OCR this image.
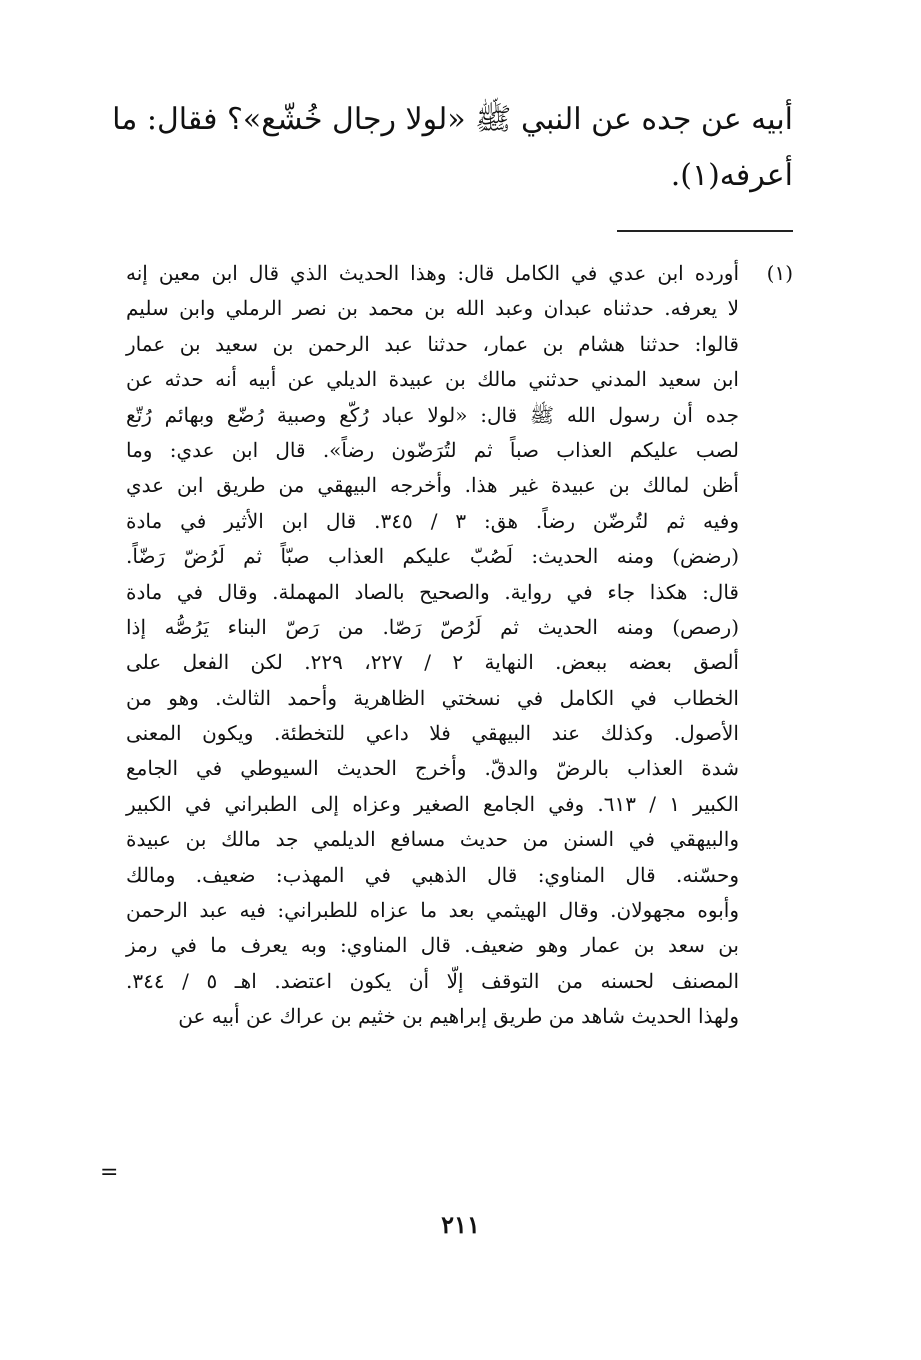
أبيه عن جده عن النبي ﷺ «لولا رجال خُشّع»؟ فقال: ما
أعرفه(١).
(١)
أورده ابن عدي في الكامل قال: وهذا الحديث الذي قال ابن معين إنه
لا يعرفه. حدثناه عبدان وعبد الله بن محمد بن نصر الرملي وابن سليم
قالوا: حدثنا هشام بن عمار، حدثنا عبد الرحمن بن سعيد بن عمار
ابن سعيد المدني حدثني مالك بن عبيدة الديلي عن أبيه أنه حدثه عن
جده أن رسول الله ﷺ قال: «لولا عباد رُكّع وصبية رُضّع وبهائم رُتّع
لصب عليكم العذاب صباً ثم لتُرَضّون رضاً». قال ابن عدي: وما
أظن لمالك بن عبيدة غير هذا. وأخرجه البيهقي من طريق ابن عدي
وفيه ثم لتُرضّن رضاً. هق: ٣ / ٣٤٥. قال ابن الأثير في مادة
(رضض) ومنه الحديث: لَصُبّ عليكم العذاب صبّاً ثم لَرُضّ رَضّاً.
قال: هكذا جاء في رواية. والصحيح بالصاد المهملة. وقال في مادة
(رصص) ومنه الحديث ثم لَرُصّ رَصّا. من رَصّ البناء يَرُصُّه إذا
ألصق بعضه ببعض. النهاية ٢ / ٢٢٧، ٢٢٩. لكن الفعل على
الخطاب في الكامل في نسختي الظاهرية وأحمد الثالث. وهو من
الأصول. وكذلك عند البيهقي فلا داعي للتخطئة. ويكون المعنى
شدة العذاب بالرضّ والدقّ. وأخرج الحديث السيوطي في الجامع
الكبير ١ / ٦١٣. وفي الجامع الصغير وعزاه إلى الطبراني في الكبير
والبيهقي في السنن من حديث مسافع الديلمي جد مالك بن عبيدة
وحسّنه. قال المناوي: قال الذهبي في المهذب: ضعيف. ومالك
وأبوه مجهولان. وقال الهيثمي بعد ما عزاه للطبراني: فيه عبد الرحمن
بن سعد بن عمار وهو ضعيف. قال المناوي: وبه يعرف ما في رمز
المصنف لحسنه من التوقف إلّا أن يكون اعتضد. اهـ ٥ / ٣٤٤.
ولهذا الحديث شاهد من طريق إبراهيم بن خثيم بن عراك عن أبيه عن
=
٢١١
